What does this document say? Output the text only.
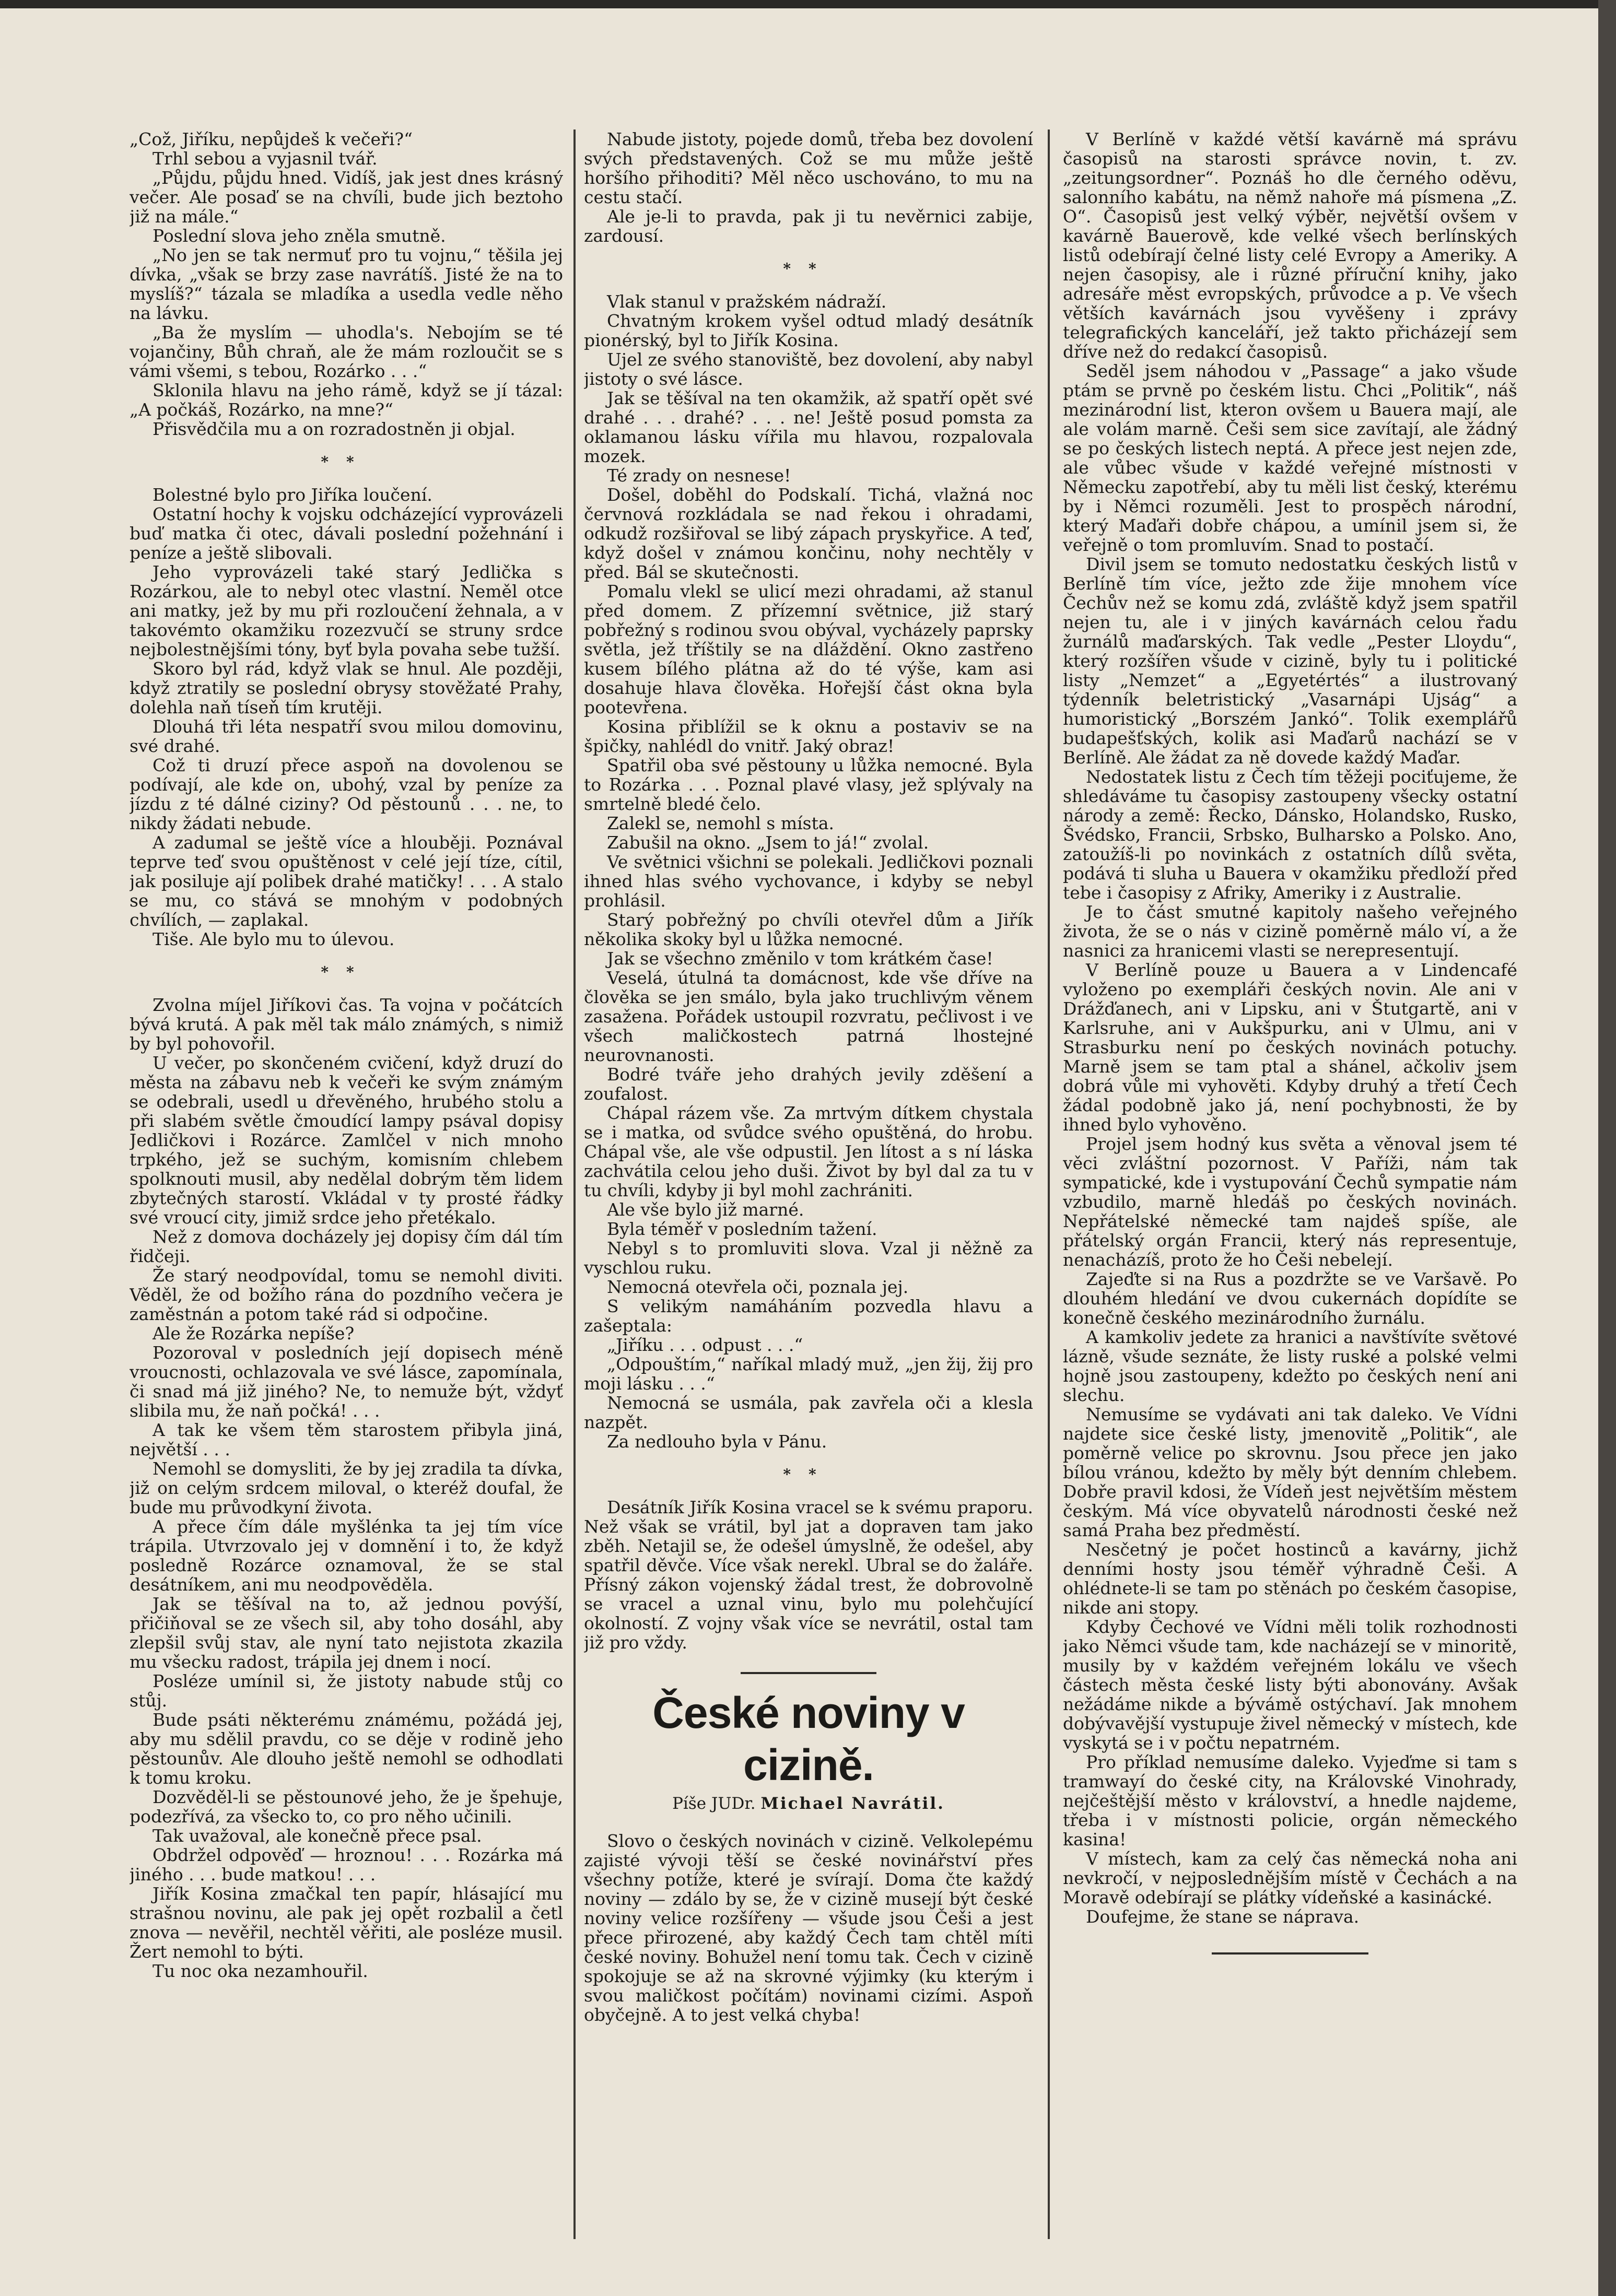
„Což, Jiříku, nepůjdeš k večeři?“

Trhl sebou a vyjasnil tvář.

„Půjdu, půjdu hned. Vidíš, jak jest dnes krásný večer. Ale posaď se na chvíli, bude jich beztoho již na mále.“

Poslední slova jeho zněla smutně.

„No jen se tak nermuť pro tu vojnu,“ těšila jej dívka, „však se brzy zase navrátíš. Jisté že na to myslíš?“ tázala se mladíka a usedla vedle něho na lávku.

„Ba že myslím — uhodla's. Nebojím se té vojančiny, Bůh chraň, ale že mám rozloučit se s vámi všemi, s tebou, Rozárko . . .“

Sklonila hlavu na jeho rámě, když se jí tázal: „A počkáš, Rozárko, na mne?“

Přisvědčila mu a on rozradostněn ji objal.

**

Bolestné bylo pro Jiříka loučení.

Ostatní hochy k vojsku odcházející vyprovázeli buď matka či otec, dávali poslední požehnání i peníze a ještě slibovali.

Jeho vyprovázeli také starý Jedlička s Rozárkou, ale to nebyl otec vlastní. Neměl otce ani matky, jež by mu při rozloučení žehnala, a v takovémto okamžiku rozezvučí se struny srdce nejbolestnějšími tóny, byť byla povaha sebe tužší.

Skoro byl rád, když vlak se hnul. Ale později, když ztratily se poslední obrysy stověžaté Prahy, dolehla naň tíseň tím krutěji.

Dlouhá tři léta nespatří svou milou domovinu, své drahé.

Což ti druzí přece aspoň na dovolenou se podívají, ale kde on, ubohý, vzal by peníze za jízdu z té dálné ciziny? Od pěstounů . . . ne, to nikdy žádati nebude.

A zadumal se ještě více a hlouběji. Poznával teprve teď svou opuštěnost v celé její tíze, cítil, jak posiluje ají polibek drahé matičky! . . . A stalo se mu, co stává se mnohým v podobných chvílích, — zaplakal.

Tiše. Ale bylo mu to úlevou.

**

Zvolna míjel Jiříkovi čas. Ta vojna v počátcích bývá krutá. A pak měl tak málo známých, s nimiž by byl pohovořil.

U večer, po skončeném cvičení, když druzí do města na zábavu neb k večeři ke svým známým se odebrali, usedl u dřevěného, hrubého stolu a při slabém světle čmoudící lampy psával dopisy Jedličkovi i Rozárce. Zamlčel v nich mnoho trpkého, jež se suchým, komisním chlebem spolknouti musil, aby nedělal dobrým těm lidem zbytečných starostí. Vkládal v ty prosté řádky své vroucí city, jimiž srdce jeho přetékalo.

Než z domova docházely jej dopisy čím dál tím řidčeji.

Že starý neodpovídal, tomu se nemohl diviti. Věděl, že od božího rána do pozdního večera je zaměstnán a potom také rád si odpočine.

Ale že Rozárka nepíše?

Pozoroval v posledních její dopisech méně vroucnosti, ochlazovala ve své lásce, zapomínala, či snad má již jiného? Ne, to nemuže být, vždyť slibila mu, že naň počká! . . .

A tak ke všem těm starostem přibyla jiná, největší . . .

Nemohl se domysliti, že by jej zradila ta dívka, již on celým srdcem miloval, o kteréž doufal, že bude mu průvodkyní života.

A přece čím dále myšlénka ta jej tím více trápila. Utvrzovalo jej v domnění i to, že když posledně Rozárce oznamoval, že se stal desátníkem, ani mu neodpověděla.

Jak se těšíval na to, až jednou povýší, přičiňoval se ze všech sil, aby toho dosáhl, aby zlepšil svůj stav, ale nyní tato nejistota zkazila mu všecku radost, trápila jej dnem i nocí.

Posléze umínil si, že jistoty nabude stůj co stůj.

Bude psáti některému známému, požádá jej, aby mu sdělil pravdu, co se děje v rodině jeho pěstounův. Ale dlouho ještě nemohl se odhodlati k tomu kroku.

Dozvěděl-li se pěstounové jeho, že je špehuje, podezřívá, za všecko to, co pro něho učinili.

Tak uvažoval, ale konečně přece psal.

Obdržel odpověď — hroznou! . . . Rozárka má jiného . . . bude matkou! . . .

Jiřík Kosina zmačkal ten papír, hlásající mu strašnou novinu, ale pak jej opět rozbalil a četl znova — nevěřil, nechtěl věřiti, ale posléze musil. Žert nemohl to býti.

Tu noc oka nezamhouřil.

Nabude jistoty, pojede domů, třeba bez dovolení svých představených. Což se mu může ještě horšího přihoditi? Měl něco uschováno, to mu na cestu stačí.

Ale je-li to pravda, pak ji tu nevěrnici zabije, zardousí.

**

Vlak stanul v pražském nádraží.

Chvatným krokem vyšel odtud mladý desátník pionérský, byl to Jiřík Kosina.

Ujel ze svého stanoviště, bez dovolení, aby nabyl jistoty o své lásce.

Jak se těšíval na ten okamžik, až spatří opět své drahé . . . drahé? . . . ne! Ještě posud pomsta za oklamanou lásku vířila mu hlavou, rozpalovala mozek.

Té zrady on nesnese!

Došel, doběhl do Podskalí. Tichá, vlažná noc červnová rozkládala se nad řekou i ohradami, odkudž rozšiřoval se libý zápach pryskyřice. A teď, když došel v známou končinu, nohy nechtěly v před. Bál se skutečnosti.

Pomalu vlekl se ulicí mezi ohradami, až stanul před domem. Z přízemní světnice, již starý pobřežný s rodinou svou obýval, vycházely paprsky světla, jež tříštily se na dláždění. Okno zastřeno kusem bílého plátna až do té výše, kam asi dosahuje hlava člověka. Hořejší část okna byla pootevřena.

Kosina přiblížil se k oknu a postaviv se na špičky, nahlédl do vnitř. Jaký obraz!

Spatřil oba své pěstouny u lůžka nemocné. Byla to Rozárka . . . Poznal plavé vlasy, jež splývaly na smrtelně bledé čelo.

Zalekl se, nemohl s místa.

Zabušil na okno. „Jsem to já!“ zvolal.

Ve světnici všichni se polekali. Jedličkovi poznali ihned hlas svého vychovance, i kdyby se nebyl prohlásil.

Starý pobřežný po chvíli otevřel dům a Jiřík několika skoky byl u lůžka nemocné.

Jak se všechno změnilo v tom krátkém čase!

Veselá, útulná ta domácnost, kde vše dříve na člověka se jen smálo, byla jako truchlivým věnem zasažena. Pořádek ustoupil rozvratu, pečlivost i ve všech maličkostech patrná lhostejné neurovnanosti.

Bodré tváře jeho drahých jevily zděšení a zoufalost.

Chápal rázem vše. Za mrtvým dítkem chystala se i matka, od svůdce svého opuštěná, do hrobu. Chápal vše, ale vše odpustil. Jen lítost a s ní láska zachvátila celou jeho duši. Život by byl dal za tu v tu chvíli, kdyby ji byl mohl zachrániti.

Ale vše bylo již marné.

Byla téměř v posledním tažení.

Nebyl s to promluviti slova. Vzal ji něžně za vyschlou ruku.

Nemocná otevřela oči, poznala jej.

S velikým namáháním pozvedla hlavu a zašeptala:

„Jiříku . . . odpust . . .“

„Odpouštím,“ naříkal mladý muž, „jen žij, žij pro moji lásku . . .“

Nemocná se usmála, pak zavřela oči a klesla nazpět.

Za nedlouho byla v Pánu.

**

Desátník Jiřík Kosina vracel se k svému praporu. Než však se vrátil, byl jat a dopraven tam jako zběh. Netajil se, že odešel úmyslně, že odešel, aby spatřil děvče. Více však nerekl. Ubral se do žaláře. Přísný zákon vojenský žádal trest, že dobrovolně se vracel a uznal vinu, bylo mu polehčující okolností. Z vojny však více se nevrátil, ostal tam již pro vždy.

České noviny v cizině.
Píše JUDr. Michael Navrátil.

Slovo o českých novinách v cizině. Velkolepému zajisté vývoji těší se české novinářství přes všechny potíže, které je svírají. Doma čte každý noviny — zdálo by se, že v cizině musejí být české noviny velice rozšířeny — všude jsou Češi a jest přece přirozené, aby každý Čech tam chtěl míti české noviny. Bohužel není tomu tak. Čech v cizině spokojuje se až na skrovné výjimky (ku kterým i svou maličkost počítám) novinami cizími. Aspoň obyčejně. A to jest velká chyba!

V Berlíně v každé větší kavárně má správu časopisů na starosti správce novin, t. zv. „zeitungsordner“. Poznáš ho dle černého oděvu, salonního kabátu, na němž nahoře má písmena „Z. O“. Časopisů jest velký výběr, největší ovšem v kavárně Bauerově, kde velké všech berlínských listů odebírají čelné listy celé Evropy a Ameriky. A nejen časopisy, ale i různé příruční knihy, jako adresáře měst evropských, průvodce a p. Ve všech větších kavárnách jsou vyvěšeny i zprávy telegrafických kanceláří, jež takto přicházejí sem dříve než do redakcí časopisů.

Seděl jsem náhodou v „Passage“ a jako všude ptám se prvně po českém listu. Chci „Politik“, náš mezinárodní list, kteron ovšem u Bauera mají, ale ale volám marně. Češi sem sice zavítají, ale žádný se po českých listech neptá. A přece jest nejen zde, ale vůbec všude v každé veřejné místnosti v Německu zapotřebí, aby tu měli list český, kterému by i Němci rozuměli. Jest to prospěch národní, který Maďaři dobře chápou, a umínil jsem si, že veřejně o tom promluvím. Snad to postačí.

Divil jsem se tomuto nedostatku českých listů v Berlíně tím více, ježto zde žije mnohem více Čechův než se komu zdá, zvláště když jsem spatřil nejen tu, ale i v jiných kavárnách celou řadu žurnálů maďarských. Tak vedle „Pester Lloydu“, který rozšířen všude v cizině, byly tu i politické listy „Nemzet“ a „Egyetértés“ a ilustrovaný týdenník beletristický „Vasarnápi Ujság“ a humoristický „Borszém Jankó“. Tolik exemplářů budapešťských, kolik asi Maďarů nachází se v Berlíně. Ale žádat za ně dovede každý Maďar.

Nedostatek listu z Čech tím těžeji pociťujeme, že shledáváme tu časopisy zastoupeny všecky ostatní národy a země: Řecko, Dánsko, Holandsko, Rusko, Švédsko, Francii, Srbsko, Bulharsko a Polsko. Ano, zatoužíš-li po novinkách z ostatních dílů světa, podává ti sluha u Bauera v okamžiku předloží před tebe i časopisy z Afriky, Ameriky i z Australie.

Je to část smutné kapitoly našeho veřejného života, že se o nás v cizině poměrně málo ví, a že nasnici za hranicemi vlasti se nerepresentují.

V Berlíně pouze u Bauera a v Lindencafé vyloženo po exempláři českých novin. Ale ani v Drážďanech, ani v Lipsku, ani v Štutgartě, ani v Karlsruhe, ani v Aukšpurku, ani v Ulmu, ani v Strasburku není po českých novinách potuchy. Marně jsem se tam ptal a shánel, ačkoliv jsem dobrá vůle mi vyhověti. Kdyby druhý a třetí Čech žádal podobně jako já, není pochybnosti, že by ihned bylo vyhověno.

Projel jsem hodný kus světa a věnoval jsem té věci zvláštní pozornost. V Paříži, nám tak sympatické, kde i vystupování Čechů sympatie nám vzbudilo, marně hledáš po českých novinách. Nepřátelské německé tam najdeš spíše, ale přátelský orgán Francii, který nás representuje, nenacházíš, proto že ho Češi nebelejí.

Zajeďte si na Rus a pozdržte se ve Varšavě. Po dlouhém hledání ve dvou cukernách dopídíte se konečně českého mezinárodního žurnálu.

A kamkoliv jedete za hranici a navštívíte světové lázně, všude seznáte, že listy ruské a polské velmi hojně jsou zastoupeny, kdežto po českých není ani slechu.

Nemusíme se vydávati ani tak daleko. Ve Vídni najdete sice české listy, jmenovitě „Politik“, ale poměrně velice po skrovnu. Jsou přece jen jako bílou vránou, kdežto by měly být denním chlebem. Dobře pravil kdosi, že Vídeň jest největším městem českým. Má více obyvatelů národnosti české než samá Praha bez předměstí.

Nesčetný je počet hostinců a kavárny, jichž denními hosty jsou téměř výhradně Češi. A ohlédnete-li se tam po stěnách po českém časopise, nikde ani stopy.

Kdyby Čechové ve Vídni měli tolik rozhodnosti jako Němci všude tam, kde nacházejí se v minoritě, musily by v každém veřejném lokálu ve všech částech města české listy býti abonovány. Avšak nežádáme nikde a bývámě ostýchaví. Jak mnohem dobývavější vystupuje živel německý v místech, kde vyskytá se i v počtu nepatrném.

Pro příklad nemusíme daleko. Vyjeďme si tam s tramwayí do české city, na Královské Vinohrady, nejčeštější město v království, a hnedle najdeme, třeba i v místnosti policie, orgán německého kasina!

V místech, kam za celý čas německá noha ani nevkročí, v nejposlednějším místě v Čechách a na Moravě odebírají se plátky vídeňské a kasinácké.

Doufejme, že stane se náprava.
